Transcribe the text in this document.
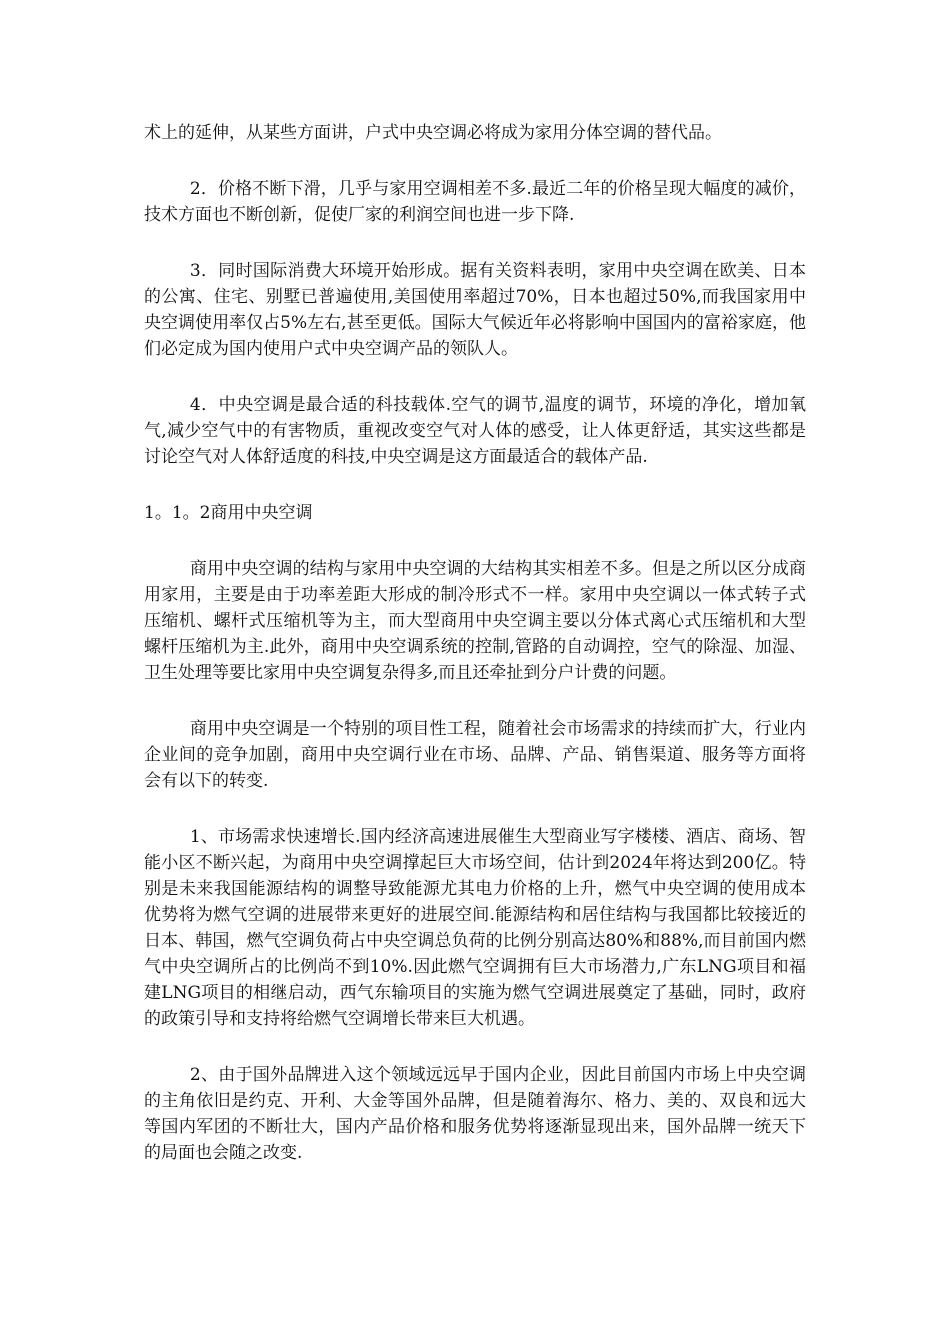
术上的延伸，从某些方面讲，户式中央空调必将成为家用分体空调的替代品。

2．价格不断下滑，几乎与家用空调相差不多.最近二年的价格呈现大幅度的减价，技术方面也不断创新，促使厂家的利润空间也进一步下降.

3．同时国际消费大环境开始形成。据有关资料表明，家用中央空调在欧美、日本的公寓、住宅、别墅已普遍使用,美国使用率超过70%，日本也超过50%,而我国家用中央空调使用率仅占5%左右,甚至更低。国际大气候近年必将影响中国国内的富裕家庭，他们必定成为国内使用户式中央空调产品的领队人。

4．中央空调是最合适的科技载体.空气的调节,温度的调节，环境的净化，增加氧气,减少空气中的有害物质，重视改变空气对人体的感受，让人体更舒适，其实这些都是讨论空气对人体舒适度的科技,中央空调是这方面最适合的载体产品.

1。1。2商用中央空调

商用中央空调的结构与家用中央空调的大结构其实相差不多。但是之所以区分成商用家用，主要是由于功率差距大形成的制冷形式不一样。家用中央空调以一体式转子式压缩机、螺杆式压缩机等为主，而大型商用中央空调主要以分体式离心式压缩机和大型螺杆压缩机为主.此外，商用中央空调系统的控制,管路的自动调控，空气的除湿、加湿、卫生处理等要比家用中央空调复杂得多,而且还牵扯到分户计费的问题。

商用中央空调是一个特别的项目性工程，随着社会市场需求的持续而扩大，行业内企业间的竞争加剧，商用中央空调行业在市场、品牌、产品、销售渠道、服务等方面将会有以下的转变.

1、市场需求快速增长.国内经济高速进展催生大型商业写字楼楼、酒店、商场、智能小区不断兴起，为商用中央空调撑起巨大市场空间，估计到2024年将达到200亿。特别是未来我国能源结构的调整导致能源尤其电力价格的上升，燃气中央空调的使用成本优势将为燃气空调的进展带来更好的进展空间.能源结构和居住结构与我国都比较接近的日本、韩国，燃气空调负荷占中央空调总负荷的比例分别高达80%和88%,而目前国内燃气中央空调所占的比例尚不到10%.因此燃气空调拥有巨大市场潜力,广东LNG项目和福建LNG项目的相继启动，西气东输项目的实施为燃气空调进展奠定了基础，同时，政府的政策引导和支持将给燃气空调增长带来巨大机遇。

2、由于国外品牌进入这个领域远远早于国内企业，因此目前国内市场上中央空调的主角依旧是约克、开利、大金等国外品牌，但是随着海尔、格力、美的、双良和远大等国内军团的不断壮大，国内产品价格和服务优势将逐渐显现出来，国外品牌一统天下的局面也会随之改变.
